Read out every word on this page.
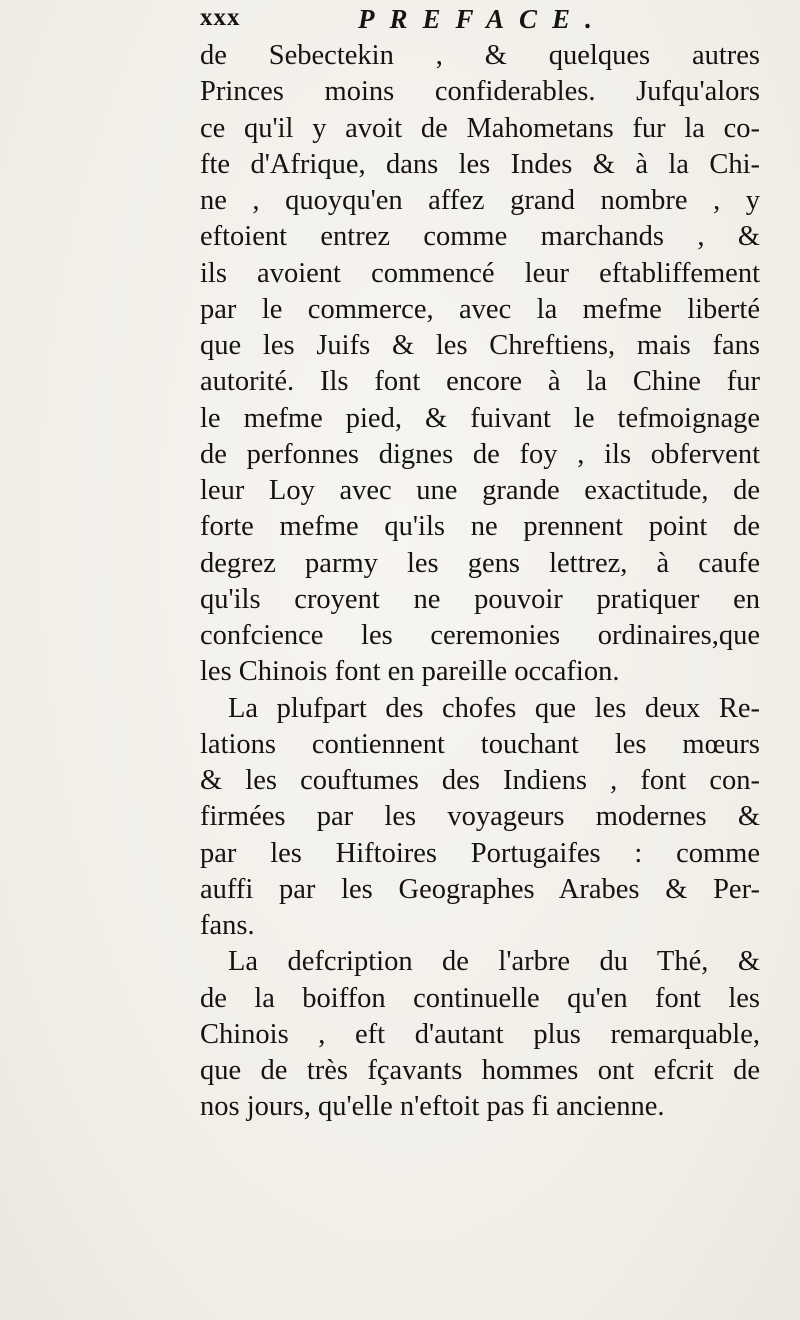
xxx	PREFACE.
de Sebectekin , & quelques autres
Princes moins confiderables. Jufqu'alors
ce qu'il y avoit de Mahometans fur la co-
fte d'Afrique, dans les Indes & à la Chi-
ne , quoyqu'en affez grand nombre , y
eftoient entrez comme marchands , &
ils avoient commencé leur eftabliffement
par le commerce, avec la mefme liberté
que les Juifs & les Chreftiens, mais fans
autorité. Ils font encore à la Chine fur
le mefme pied, & fuivant le tefmoignage
de perfonnes dignes de foy , ils obfervent
leur Loy avec une grande exactitude, de
forte mefme qu'ils ne prennent point de
degrez parmy les gens lettrez, à caufe
qu'ils croyent ne pouvoir pratiquer en
confcience les ceremonies ordinaires,que
les Chinois font en pareille occafion.
La plufpart des chofes que les deux Re-
lations contiennent touchant les mœurs
& les couftumes des Indiens , font con-
firmées par les voyageurs modernes &
par les Hiftoires Portugaifes : comme
auffi par les Geographes Arabes & Per-
fans.
La defcription de l'arbre du Thé, &
de la boiffon continuelle qu'en font les
Chinois , eft d'autant plus remarquable,
que de très fçavants hommes ont efcrit de
nos jours, qu'elle n'eftoit pas fi ancienne.
